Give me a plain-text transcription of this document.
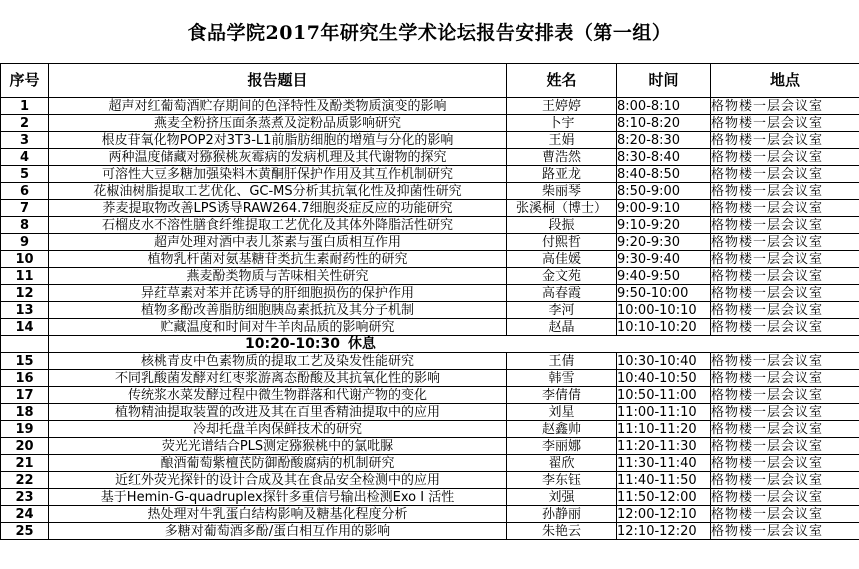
食品学院2017年研究生学术论坛报告安排表（第一组）
序号	报告题目	姓名	时间	地点
1	超声对红葡萄酒贮存期间的色泽特性及酚类物质演变的影响	王婷婷	8:00-8:10	格物楼一层会议室
2	燕麦全粉挤压面条蒸煮及淀粉品质影响研究	卜宇	8:10-8:20	格物楼一层会议室
3	根皮苷氧化物POP2对3T3-L1前脂肪细胞的增殖与分化的影响	王娟	8:20-8:30	格物楼一层会议室
4	两种温度储藏对猕猴桃灰霉病的发病机理及其代谢物的探究	曹浩然	8:30-8:40	格物楼一层会议室
5	可溶性大豆多糖加强染料木黄酮肝保护作用及其互作机制研究	路亚龙	8:40-8:50	格物楼一层会议室
6	花椒油树脂提取工艺优化、GC-MS分析其抗氧化性及抑菌性研究	柴丽琴	8:50-9:00	格物楼一层会议室
7	荞麦提取物改善LPS诱导RAW264.7细胞炎症反应的功能研究	张溪桐（博士）	9:00-9:10	格物楼一层会议室
8	石榴皮水不溶性膳食纤维提取工艺优化及其体外降脂活性研究	段振	9:10-9:20	格物楼一层会议室
9	超声处理对酒中表儿茶素与蛋白质相互作用	付熙哲	9:20-9:30	格物楼一层会议室
10	植物乳杆菌对氨基糖苷类抗生素耐药性的研究	高佳媛	9:30-9:40	格物楼一层会议室
11	燕麦酚类物质与苦味相关性研究	金文苑	9:40-9:50	格物楼一层会议室
12	异荭草素对苯并芘诱导的肝细胞损伤的保护作用	高春霞	9:50-10:00	格物楼一层会议室
13	植物多酚改善脂肪细胞胰岛素抵抗及其分子机制	李河	10:00-10:10	格物楼一层会议室
14	贮藏温度和时间对牛羊肉品质的影响研究	赵晶	10:10-10:20	格物楼一层会议室
	10:20-10:30 休息			
15	核桃青皮中色素物质的提取工艺及染发性能研究	王倩	10:30-10:40	格物楼一层会议室
16	不同乳酸菌发酵对红枣浆游离态酚酸及其抗氧化性的影响	韩雪	10:40-10:50	格物楼一层会议室
17	传统浆水菜发酵过程中微生物群落和代谢产物的变化	李倩倩	10:50-11:00	格物楼一层会议室
18	植物精油提取装置的改进及其在百里香精油提取中的应用	刘星	11:00-11:10	格物楼一层会议室
19	冷却托盘羊肉保鲜技术的研究	赵鑫帅	11:10-11:20	格物楼一层会议室
20	荧光光谱结合PLS测定猕猴桃中的氯吡脲	李丽娜	11:20-11:30	格物楼一层会议室
21	酿酒葡萄紫檀芪防御酚酸腐病的机制研究	翟欣	11:30-11:40	格物楼一层会议室
22	近红外荧光探针的设计合成及其在食品安全检测中的应用	李东钰	11:40-11:50	格物楼一层会议室
23	基于Hemin-G-quadruplex探针多重信号输出检测Exo I 活性	刘强	11:50-12:00	格物楼一层会议室
24	热处理对牛乳蛋白结构影响及糖基化程度分析	孙静丽	12:00-12:10	格物楼一层会议室
25	多糖对葡萄酒多酚/蛋白相互作用的影响	朱艳云	12:10-12:20	格物楼一层会议室
